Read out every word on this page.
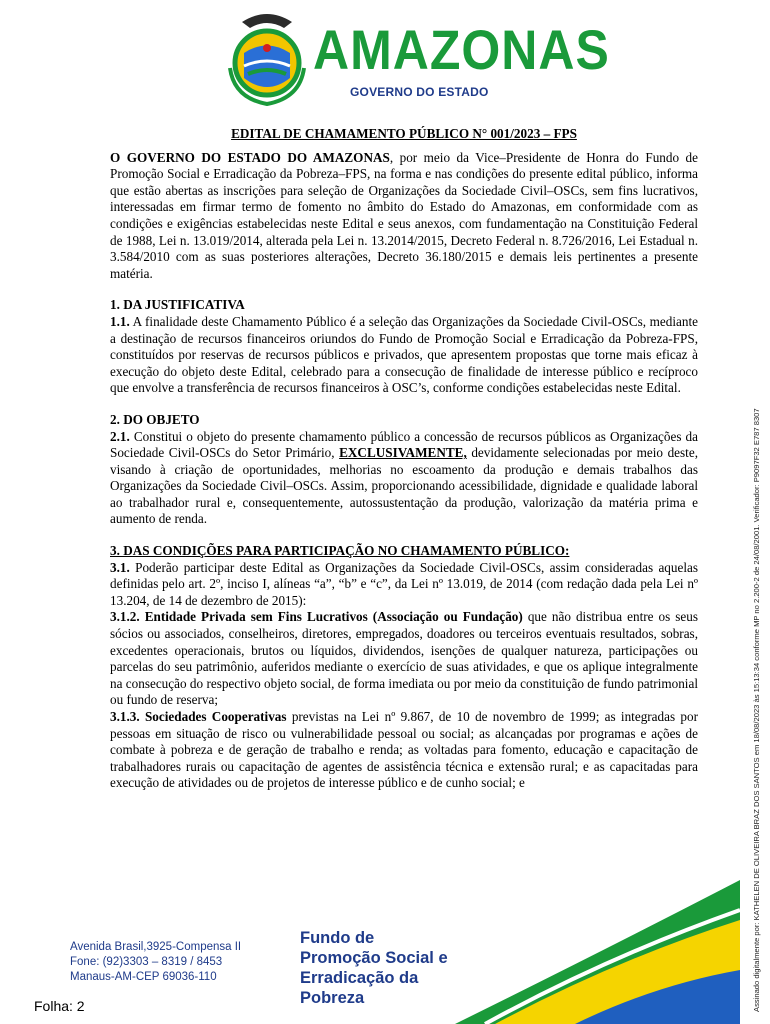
AMAZONAS
GOVERNO DO ESTADO

EDITAL DE CHAMAMENTO PÚBLICO N° 001/2023 – FPS

O GOVERNO DO ESTADO DO AMAZONAS, por meio da Vice–Presidente de Honra do Fundo de Promoção Social e Erradicação da Pobreza–FPS, na forma e nas condições do presente edital público, informa que estão abertas as inscrições para seleção de Organizações da Sociedade Civil–OSCs, sem fins lucrativos, interessadas em firmar termo de fomento no âmbito do Estado do Amazonas, em conformidade com as condições e exigências estabelecidas neste Edital e seus anexos, com fundamentação na Constituição Federal de 1988, Lei n. 13.019/2014, alterada pela Lei n. 13.2014/2015, Decreto Federal n. 8.726/2016, Lei Estadual n. 3.584/2010 com as suas posteriores alterações, Decreto 36.180/2015 e demais leis pertinentes a presente matéria.

1. DA JUSTIFICATIVA

1.1. A finalidade deste Chamamento Público é a seleção das Organizações da Sociedade Civil-OSCs, mediante a destinação de recursos financeiros oriundos do Fundo de Promoção Social e Erradicação da Pobreza-FPS, constituídos por reservas de recursos públicos e privados, que apresentem propostas que torne mais eficaz à execução do objeto deste Edital, celebrado para a consecução de finalidade de interesse público e recíproco que envolve a transferência de recursos financeiros à OSC’s, conforme condições estabelecidas neste Edital.

2. DO OBJETO

2.1. Constitui o objeto do presente chamamento público a concessão de recursos públicos as Organizações da Sociedade Civil-OSCs do Setor Primário, EXCLUSIVAMENTE, devidamente selecionadas por meio deste, visando à criação de oportunidades, melhorias no escoamento da produção e demais trabalhos das Organizações da Sociedade Civil–OSCs. Assim, proporcionando acessibilidade, dignidade e qualidade laboral ao trabalhador rural e, consequentemente, autossustentação da produção, valorização da matéria prima e aumento de renda.

3. DAS CONDIÇÕES PARA PARTICIPAÇÃO NO CHAMAMENTO PÚBLICO:

3.1. Poderão participar deste Edital as Organizações da Sociedade Civil-OSCs, assim consideradas aquelas definidas pelo art. 2º, inciso I, alíneas “a”, “b” e “c”, da Lei nº 13.019, de 2014 (com redação dada pela Lei nº 13.204, de 14 de dezembro de 2015):

3.1.2. Entidade Privada sem Fins Lucrativos (Associação ou Fundação) que não distribua entre os seus sócios ou associados, conselheiros, diretores, empregados, doadores ou terceiros eventuais resultados, sobras, excedentes operacionais, brutos ou líquidos, dividendos, isenções de qualquer natureza, participações ou parcelas do seu patrimônio, auferidos mediante o exercício de suas atividades, e que os aplique integralmente na consecução do respectivo objeto social, de forma imediata ou por meio da constituição de fundo patrimonial ou fundo de reserva;

3.1.3. Sociedades Cooperativas previstas na Lei nº 9.867, de 10 de novembro de 1999; as integradas por pessoas em situação de risco ou vulnerabilidade pessoal ou social; as alcançadas por programas e ações de combate à pobreza e de geração de trabalho e renda; as voltadas para fomento, educação e capacitação de trabalhadores rurais ou capacitação de agentes de assistência técnica e extensão rural; e as capacitadas para execução de atividades ou de projetos de interesse público e de cunho social; e	Assinado digitalmente por: KATHELEN DE OLIVEIRA BRAZ DOS SANTOS em 18/08/2023 às 15:13:34 conforme MP no 2.200-2 de 24/08/2001. Verificador: P9097F32 E787 8307
Avenida Brasil,3925-Compensa II
Fone: (92)3303 – 8319 / 8453
Manaus-AM-CEP 69036-110
Fundo de
Promoção Social e
Erradicação da
Pobreza
Folha: 2
